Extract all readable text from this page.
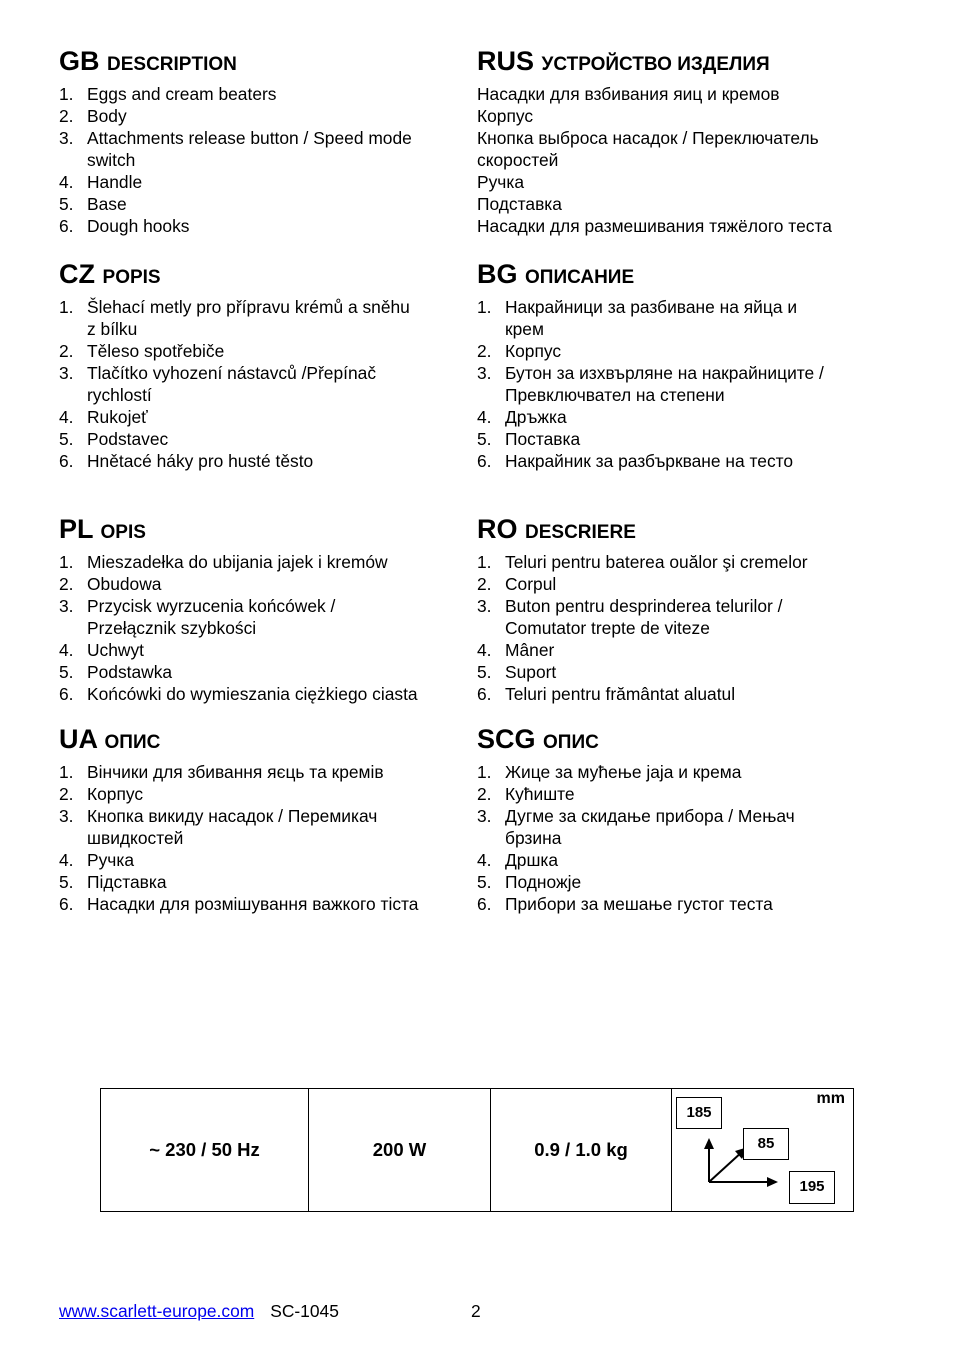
GB DESCRIPTION
1. Eggs and cream beaters
2. Body
3. Attachments release button / Speed mode
switch
4. Handle
5. Base
6. Dough hooks
RUS УСТРОЙСТВО ИЗДЕЛИЯ
Насадки для взбивания яиц и кремов
Корпус
Кнопка выброса насадок / Переключатель
скоростей
Ручка
Подставка
Насадки для размешивания тяжёлого теста
CZ POPIS
1. Šlehací metly pro přípravu krémů a sněhu
z bílku
2. Těleso spotřebiče
3. Tlačítko vyhození nástavců /Přepínač
rychlostí
4. Rukojeť
5. Podstavec
6. Hnětacé háky pro husté těsto
BG ОПИСАНИЕ
1. Накрайници за разбиване на яйца и
крем
2. Корпус
3. Бутон за изхвърляне на накрайниците /
Превключвател на степени
4. Дръжка
5. Поставка
6. Накрайник за разбъркване на тесто
PL OPIS
1. Mieszadełka do ubijania jajek i kremów
2. Obudowa
3. Przycisk wyrzucenia końcówek /
Przełącznik szybkości
4. Uchwyt
5. Podstawka
6. Końcówki do wymieszania ciężkiego ciasta
RO DESCRIERE
1. Teluri pentru baterea ouălor şi cremelor
2. Corpul
3. Buton pentru desprinderea telurilor /
Comutator trepte de viteze
4. Mâner
5. Suport
6. Teluri pentru frământat aluatul
UA ОПИС
1. Вінчики для збивання яєць та кремів
2. Корпус
3. Кнопка викиду насадок / Перемикач
швидкостей
4. Ручка
5. Підставка
6. Насадки для розмішування важкого тіста
SCG ОПИС
1. Жице за мућење јаја и крема
2. Кућиште
3. Дугме за скидање прибора / Мењач
брзина
4. Дршка
5. Подножје
6. Прибори за мешање густог теста
~ 230 / 50 Hz	200 W	0.9 / 1.0 kg
mm
185
85
195
www.scarlett-europe.com SC-1045	2
